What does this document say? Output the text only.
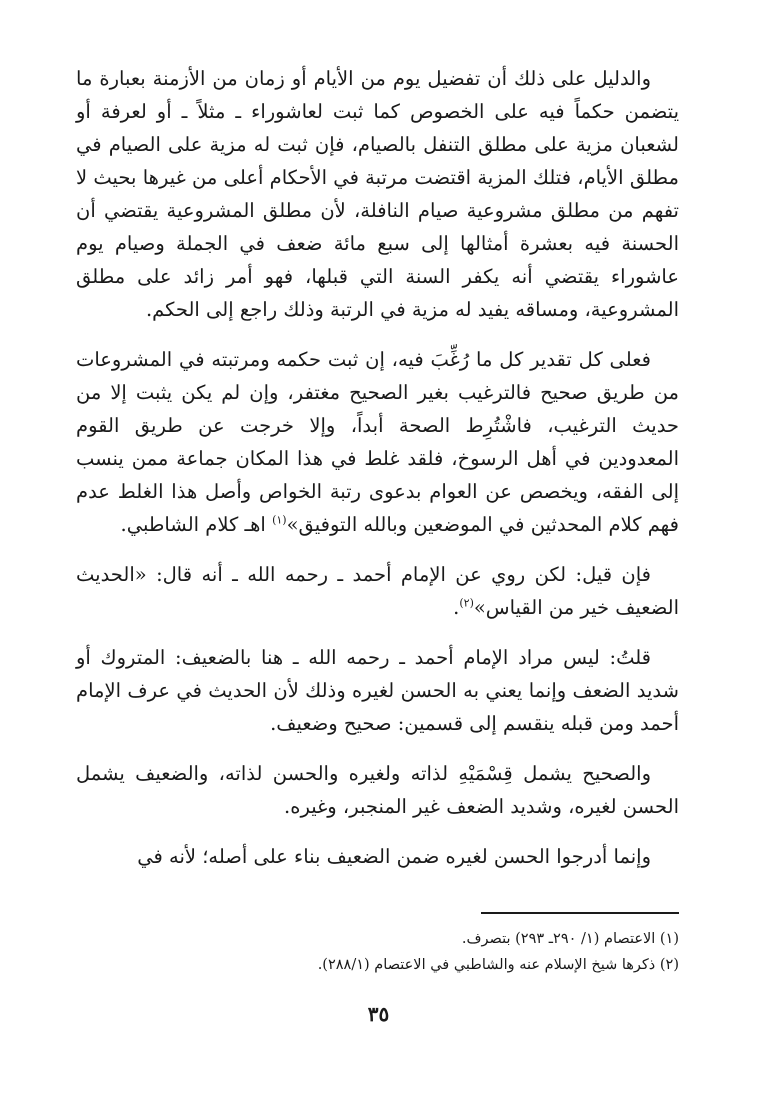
والدليل على ذلك أن تفضيل يوم من الأيام أو زمان من الأزمنة بعبارة ما يتضمن حكماً فيه على الخصوص كما ثبت لعاشوراء ـ مثلاً ـ أو لعرفة أو لشعبان مزية على مطلق التنفل بالصيام، فإن ثبت له مزية على الصيام في مطلق الأيام، فتلك المزية اقتضت مرتبة في الأحكام أعلى من غيرها بحيث لا تفهم من مطلق مشروعية صيام النافلة، لأن مطلق المشروعية يقتضي أن الحسنة فيه بعشرة أمثالها إلى سبع مائة ضعف في الجملة وصيام يوم عاشوراء يقتضي أنه يكفر السنة التي قبلها، فهو أمر زائد على مطلق المشروعية، ومساقه يفيد له مزية في الرتبة وذلك راجع إلى الحكم.

فعلى كل تقدير كل ما رُغِّبَ فيه، إن ثبت حكمه ومرتبته في المشروعات من طريق صحيح فالترغيب بغير الصحيح مغتفر، وإن لم يكن يثبت إلا من حديث الترغيب، فاشْتُرِط الصحة أبداً، وإلا خرجت عن طريق القوم المعدودين في أهل الرسوخ، فلقد غلط في هذا المكان جماعة ممن ينسب إلى الفقه، ويخصص عن العوام بدعوى رتبة الخواص وأصل هذا الغلط عدم فهم كلام المحدثين في الموضعين وبالله التوفيق»$^{(١)}$ اهـ كلام الشاطبي.

فإن قيل: لكن روي عن الإمام أحمد ـ رحمه الله ـ أنه قال: «الحديث الضعيف خير من القياس»$^{(٢)}$.

قلتُ: ليس مراد الإمام أحمد ـ رحمه الله ـ هنا بالضعيف: المتروك أو شديد الضعف وإنما يعني به الحسن لغيره وذلك لأن الحديث في عرف الإمام أحمد ومن قبله ينقسم إلى قسمين: صحيح وضعيف.

والصحيح يشمل قِسْمَيْهِ لذاته ولغيره والحسن لذاته، والضعيف يشمل الحسن لغيره، وشديد الضعف غير المنجبر، وغيره.

وإنما أدرجوا الحسن لغيره ضمن الضعيف بناء على أصله؛ لأنه في

(١) الاعتصام (١/ ٢٩٠ـ ٢٩٣) بتصرف.

(٢) ذكرها شيخ الإسلام عنه والشاطبي في الاعتصام (٢٨٨/١).

٣٥
